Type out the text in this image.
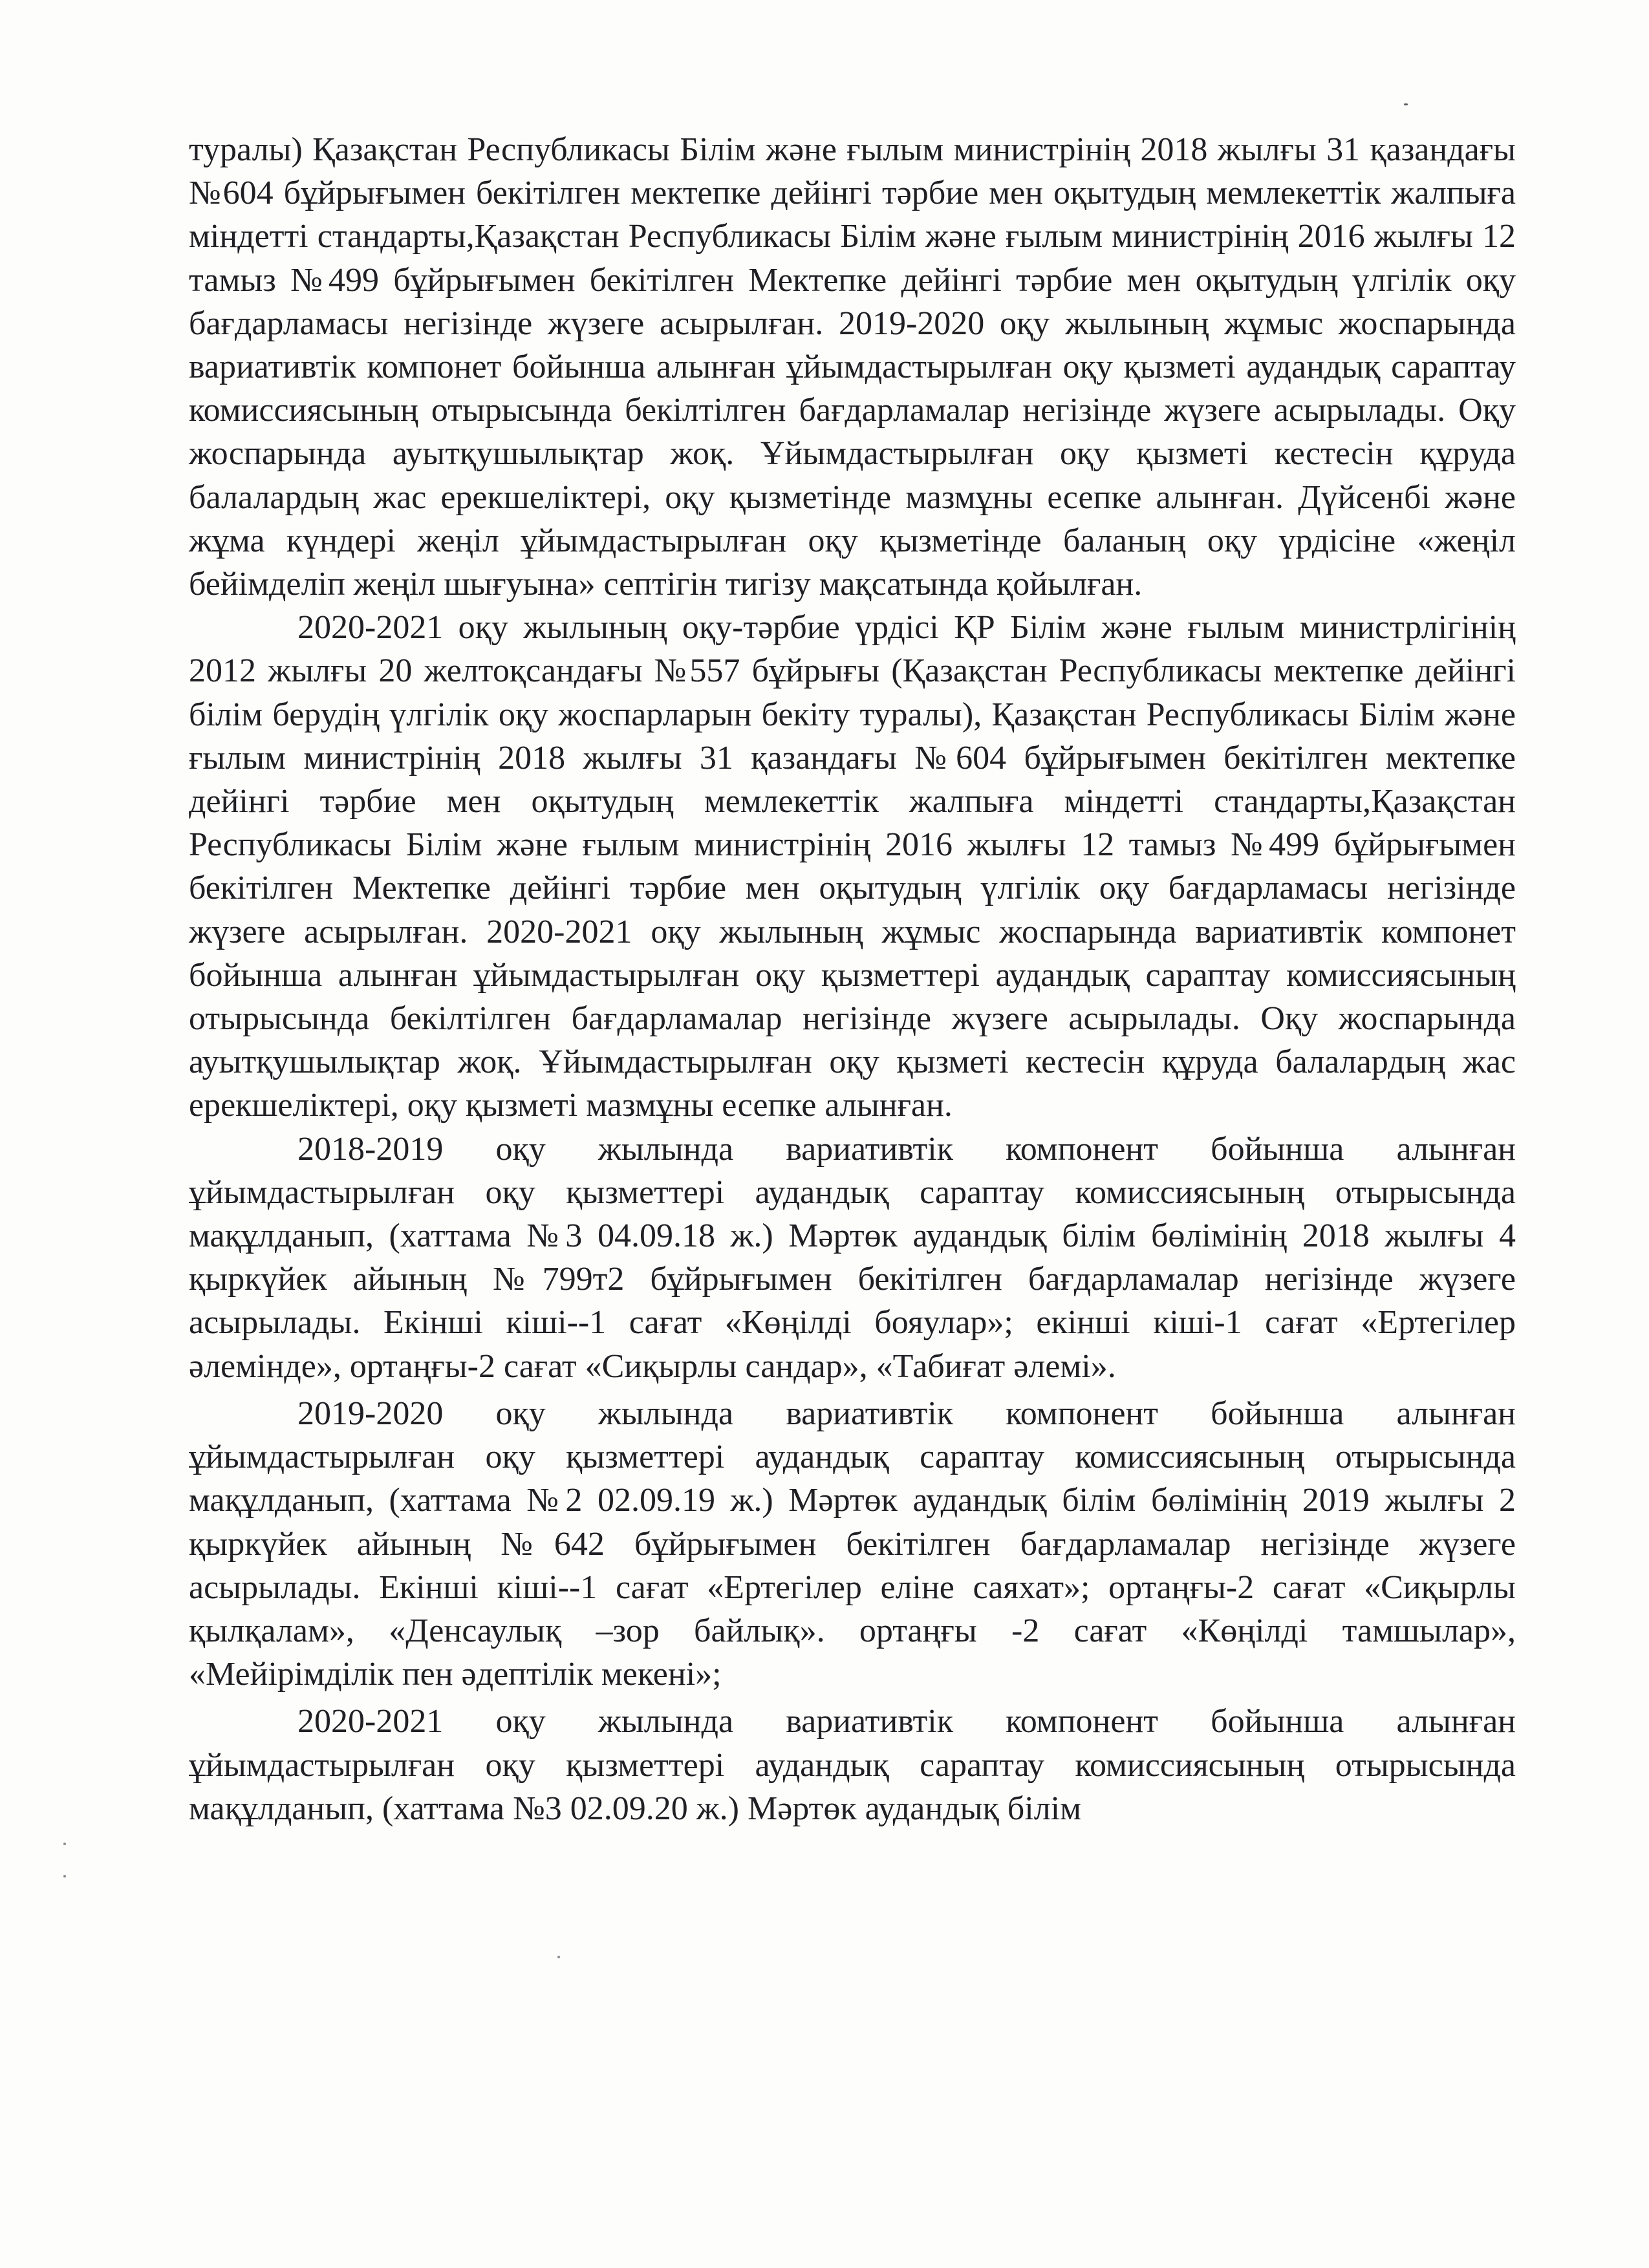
туралы) Қазақстан Республикасы Білім және ғылым министрінің 2018 жылғы 31 қазандағы №604 бұйрығымен бекітілген мектепке дейінгі тәрбие мен оқытудың мемлекеттік жалпыға міндетті стандарты,Қазақстан Республикасы Білім және ғылым министрінің 2016 жылғы 12 тамыз №499 бұйрығымен бекітілген Мектепке дейінгі тәрбие мен оқытудың үлгілік оқу бағдарламасы негізінде жүзеге асырылған. 2019-2020 оқу жылының жұмыс жоспарында вариативтік компонет бойынша алынған ұйымдастырылған оқу қызметі аудандық сараптау комиссиясының отырысында бекілтілген бағдарламалар негізінде жүзеге асырылады. Оқу жоспарында ауытқушылықтар жоқ. Ұйымдастырылған оқу қызметі кестесін құруда балалардың жас ерекшеліктері, оқу қызметінде мазмұны есепке алынған. Дүйсенбі және жұма күндері жеңіл ұйымдастырылған оқу қызметінде баланың оқу үрдісіне «жеңіл бейімделіп жеңіл шығуына» септігін тигізу мақсатында қойылған.

2020-2021 оқу жылының оқу-тәрбие үрдісі ҚР Білім және ғылым министрлігінің 2012 жылғы 20 желтоқсандағы №557 бұйрығы (Қазақстан Республикасы мектепке дейінгі білім берудің үлгілік оқу жоспарларын бекіту туралы), Қазақстан Республикасы Білім және ғылым министрінің 2018 жылғы 31 қазандағы №604 бұйрығымен бекітілген мектепке дейінгі тәрбие мен оқытудың мемлекеттік жалпыға міндетті стандарты,Қазақстан Республикасы Білім және ғылым министрінің 2016 жылғы 12 тамыз №499 бұйрығымен бекітілген Мектепке дейінгі тәрбие мен оқытудың үлгілік оқу бағдарламасы негізінде жүзеге асырылған. 2020-2021 оқу жылының жұмыс жоспарында вариативтік компонет бойынша алынған ұйымдастырылған оқу қызметтері аудандық сараптау комиссиясының отырысында бекілтілген бағдарламалар негізінде жүзеге асырылады. Оқу жоспарында ауытқушылықтар жоқ. Ұйымдастырылған оқу қызметі кестесін құруда балалардың жас ерекшеліктері, оқу қызметі мазмұны есепке алынған.

2018-2019 оқу жылында вариативтік компонент бойынша алынған ұйымдастырылған оқу қызметтері аудандық сараптау комиссиясының отырысында мақұлданып, (хаттама №3 04.09.18 ж.) Мәртөк аудандық білім бөлімінің 2018 жылғы 4 қыркүйек айының №799т2 бұйрығымен бекітілген бағдарламалар негізінде жүзеге асырылады. Екінші кіші--1 сағат «Көңілді бояулар»; екінші кіші-1 сағат «Ертегілер әлемінде», ортаңғы-2 сағат «Сиқырлы сандар», «Табиғат әлемі».

2019-2020 оқу жылында вариативтік компонент бойынша алынған ұйымдастырылған оқу қызметтері аудандық сараптау комиссиясының отырысында мақұлданып, (хаттама №2 02.09.19 ж.) Мәртөк аудандық білім бөлімінің 2019 жылғы 2 қыркүйек айының №642 бұйрығымен бекітілген бағдарламалар негізінде жүзеге асырылады. Екінші кіші--1 сағат «Ертегілер еліне саяхат»; ортаңғы-2 сағат «Сиқырлы қылқалам», «Денсаулық –зор байлық». ортаңғы -2 сағат «Көңілді тамшылар», «Мейірімділік пен әдептілік мекені»;

2020-2021 оқу жылында вариативтік компонент бойынша алынған ұйымдастырылған оқу қызметтері аудандық сараптау комиссиясының отырысында мақұлданып, (хаттама №3 02.09.20 ж.) Мәртөк аудандық білім
